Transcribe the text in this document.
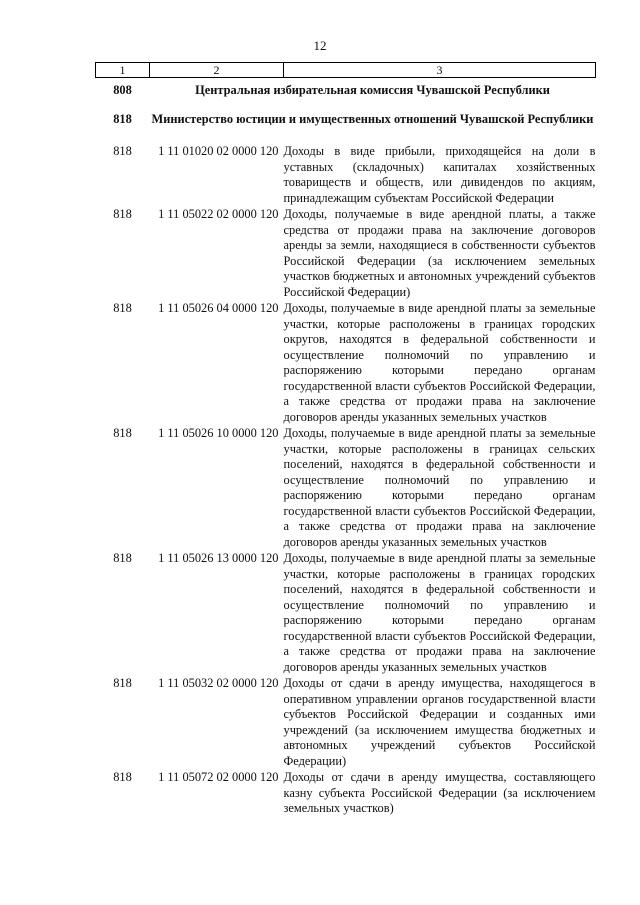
12
1	2	3
808	Центральная избирательная комиссия Чувашской Республики	
818	Министерство юстиции и имущественных отношений Чувашской Республики	
818	1 11 01020 02 0000 120	Доходы в виде прибыли, приходящейся на доли в уставных (складочных) капиталах хозяйственных товариществ и обществ, или дивидендов по акциям, принадлежащим субъектам Российской Федерации
818	1 11 05022 02 0000 120	Доходы, получаемые в виде арендной платы, а также средства от продажи права на заключение договоров аренды за земли, находящиеся в собственности субъектов Российской Федерации (за исключением земельных участков бюджетных и автономных учреждений субъектов Российской Федерации)
818	1 11 05026 04 0000 120	Доходы, получаемые в виде арендной платы за земельные участки, которые расположены в границах городских округов, находятся в федеральной собственности и осуществление полномочий по управлению и распоряжению которыми передано органам государственной власти субъектов Российской Федерации, а также средства от продажи права на заключение договоров аренды указанных земельных участков
818	1 11 05026 10 0000 120	Доходы, получаемые в виде арендной платы за земельные участки, которые расположены в границах сельских поселений, находятся в федеральной собственности и осуществление полномочий по управлению и распоряжению которыми передано органам государственной власти субъектов Российской Федерации, а также средства от продажи права на заключение договоров аренды указанных земельных участков
818	1 11 05026 13 0000 120	Доходы, получаемые в виде арендной платы за земельные участки, которые расположены в границах городских поселений, находятся в федеральной собственности и осуществление полномочий по управлению и распоряжению которыми передано органам государственной власти субъектов Российской Федерации, а также средства от продажи права на заключение договоров аренды указанных земельных участков
818	1 11 05032 02 0000 120	Доходы от сдачи в аренду имущества, находящегося в оперативном управлении органов государственной власти субъектов Российской Федерации и созданных ими учреждений (за исключением имущества бюджетных и автономных учреждений субъектов Российской Федерации)
818	1 11 05072 02 0000 120	Доходы от сдачи в аренду имущества, составляющего казну субъекта Российской Федерации (за исключением земельных участков)
